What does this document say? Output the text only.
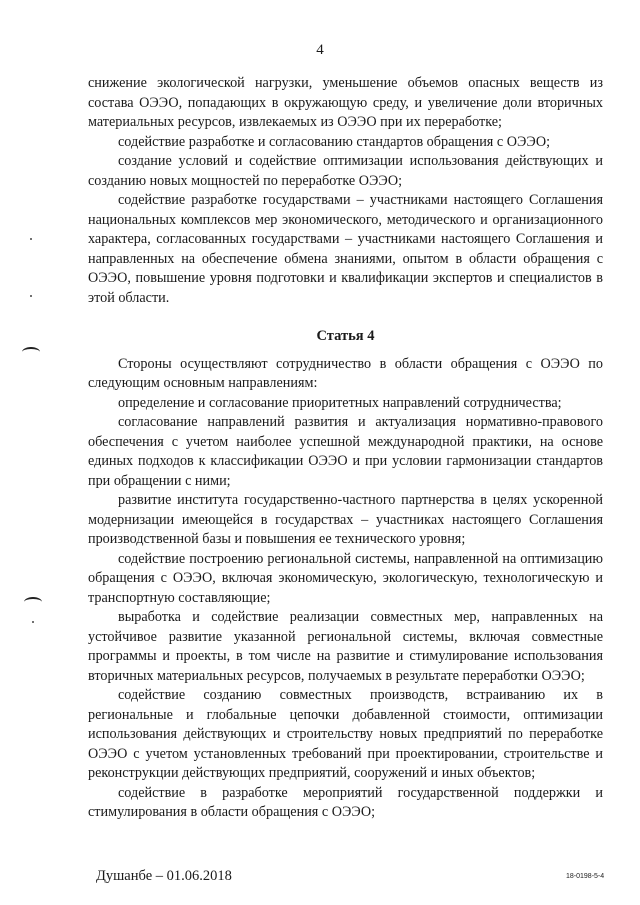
4

снижение экологической нагрузки, уменьшение объемов опасных веществ из состава ОЭЭО, попадающих в окружающую среду, и увеличение доли вторичных материальных ресурсов, извлекаемых из ОЭЭО при их переработке;

содействие разработке и согласованию стандартов обращения с ОЭЭО;

создание условий и содействие оптимизации использования действующих и созданию новых мощностей по переработке ОЭЭО;

содействие разработке государствами – участниками настоящего Соглашения национальных комплексов мер экономического, методического и организационного характера, согласованных государствами – участниками настоящего Соглашения и направленных на обеспечение обмена знаниями, опытом в области обращения с ОЭЭО, повышение уровня подготовки и квалификации экспертов и специалистов в этой области.

Статья 4

Стороны осуществляют сотрудничество в области обращения с ОЭЭО по следующим основным направлениям:

определение и согласование приоритетных направлений сотрудничества;

согласование направлений развития и актуализация нормативно-правового обеспечения с учетом наиболее успешной международной практики, на основе единых подходов к классификации ОЭЭО и при условии гармонизации стандартов при обращении с ними;

развитие института государственно-частного партнерства в целях ускоренной модернизации имеющейся в государствах – участниках настоящего Соглашения производственной базы и повышения ее технического уровня;

содействие построению региональной системы, направленной на оптимизацию обращения с ОЭЭО, включая экономическую, экологическую, технологическую и транспортную составляющие;

выработка и содействие реализации совместных мер, направленных на устойчивое развитие указанной региональной системы, включая совместные программы и проекты, в том числе на развитие и стимулирование использования вторичных материальных ресурсов, получаемых в результате переработки ОЭЭО;

содействие созданию совместных производств, встраиванию их в региональные и глобальные цепочки добавленной стоимости, оптимизации использования действующих и строительству новых предприятий по переработке ОЭЭО с учетом установленных требований при проектировании, строительстве и реконструкции действующих предприятий, сооружений и иных объектов;

содействие в разработке мероприятий государственной поддержки и стимулирования в области обращения с ОЭЭО;

Душанбе – 01.06.2018	18-0198-5-4
